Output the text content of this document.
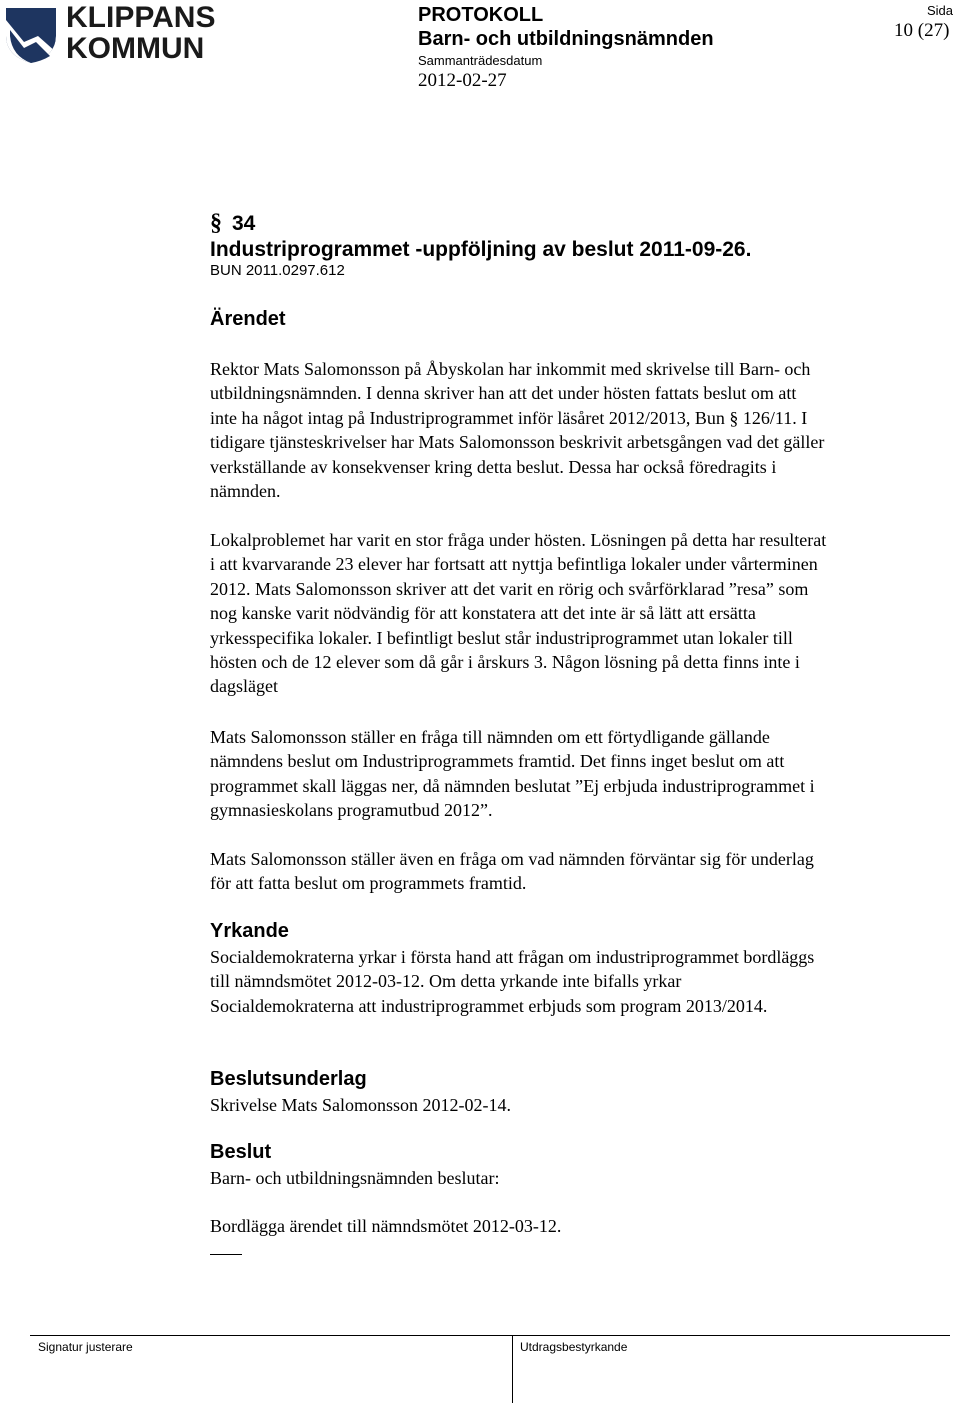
KLIPPANS
KOMMUN
PROTOKOLL
Barn- och utbildningsnämnden
Sammanträdesdatum
2012-02-27
Sida
10 (27)
§ 34
Industriprogrammet -uppföljning av beslut 2011-09-26.
BUN 2011.0297.612
Ärendet
Rektor Mats Salomonsson på Åbyskolan har inkommit med skrivelse till Barn- och
utbildningsnämnden. I denna skriver han att det under hösten fattats beslut om att
inte ha något intag på Industriprogrammet inför läsåret 2012/2013, Bun § 126/11. I
tidigare tjänsteskrivelser har Mats Salomonsson beskrivit arbetsgången vad det gäller
verkställande av konsekvenser kring detta beslut. Dessa har också föredragits i
nämnden.
Lokalproblemet har varit en stor fråga under hösten. Lösningen på detta har resulterat
i att kvarvarande 23 elever har fortsatt att nyttja befintliga lokaler under vårterminen
2012. Mats Salomonsson skriver att det varit en rörig och svårförklarad ”resa” som
nog kanske varit nödvändig för att konstatera att det inte är så lätt att ersätta
yrkesspecifika lokaler. I befintligt beslut står industriprogrammet utan lokaler till
hösten och de 12 elever som då går i årskurs 3. Någon lösning på detta finns inte i
dagsläget
Mats Salomonsson ställer en fråga till nämnden om ett förtydligande gällande
nämndens beslut om Industriprogrammets framtid. Det finns inget beslut om att
programmet skall läggas ner, då nämnden beslutat ”Ej erbjuda industriprogrammet i
gymnasieskolans programutbud 2012”.
Mats Salomonsson ställer även en fråga om vad nämnden förväntar sig för underlag
för att fatta beslut om programmets framtid.
Yrkande
Socialdemokraterna yrkar i första hand att frågan om industriprogrammet bordläggs
till nämndsmötet 2012-03-12. Om detta yrkande inte bifalls yrkar
Socialdemokraterna att industriprogrammet erbjuds som program 2013/2014.
Beslutsunderlag
Skrivelse Mats Salomonsson 2012-02-14.
Beslut
Barn- och utbildningsnämnden beslutar:
Bordlägga ärendet till nämndsmötet 2012-03-12.
Signatur justerare	Utdragsbestyrkande
